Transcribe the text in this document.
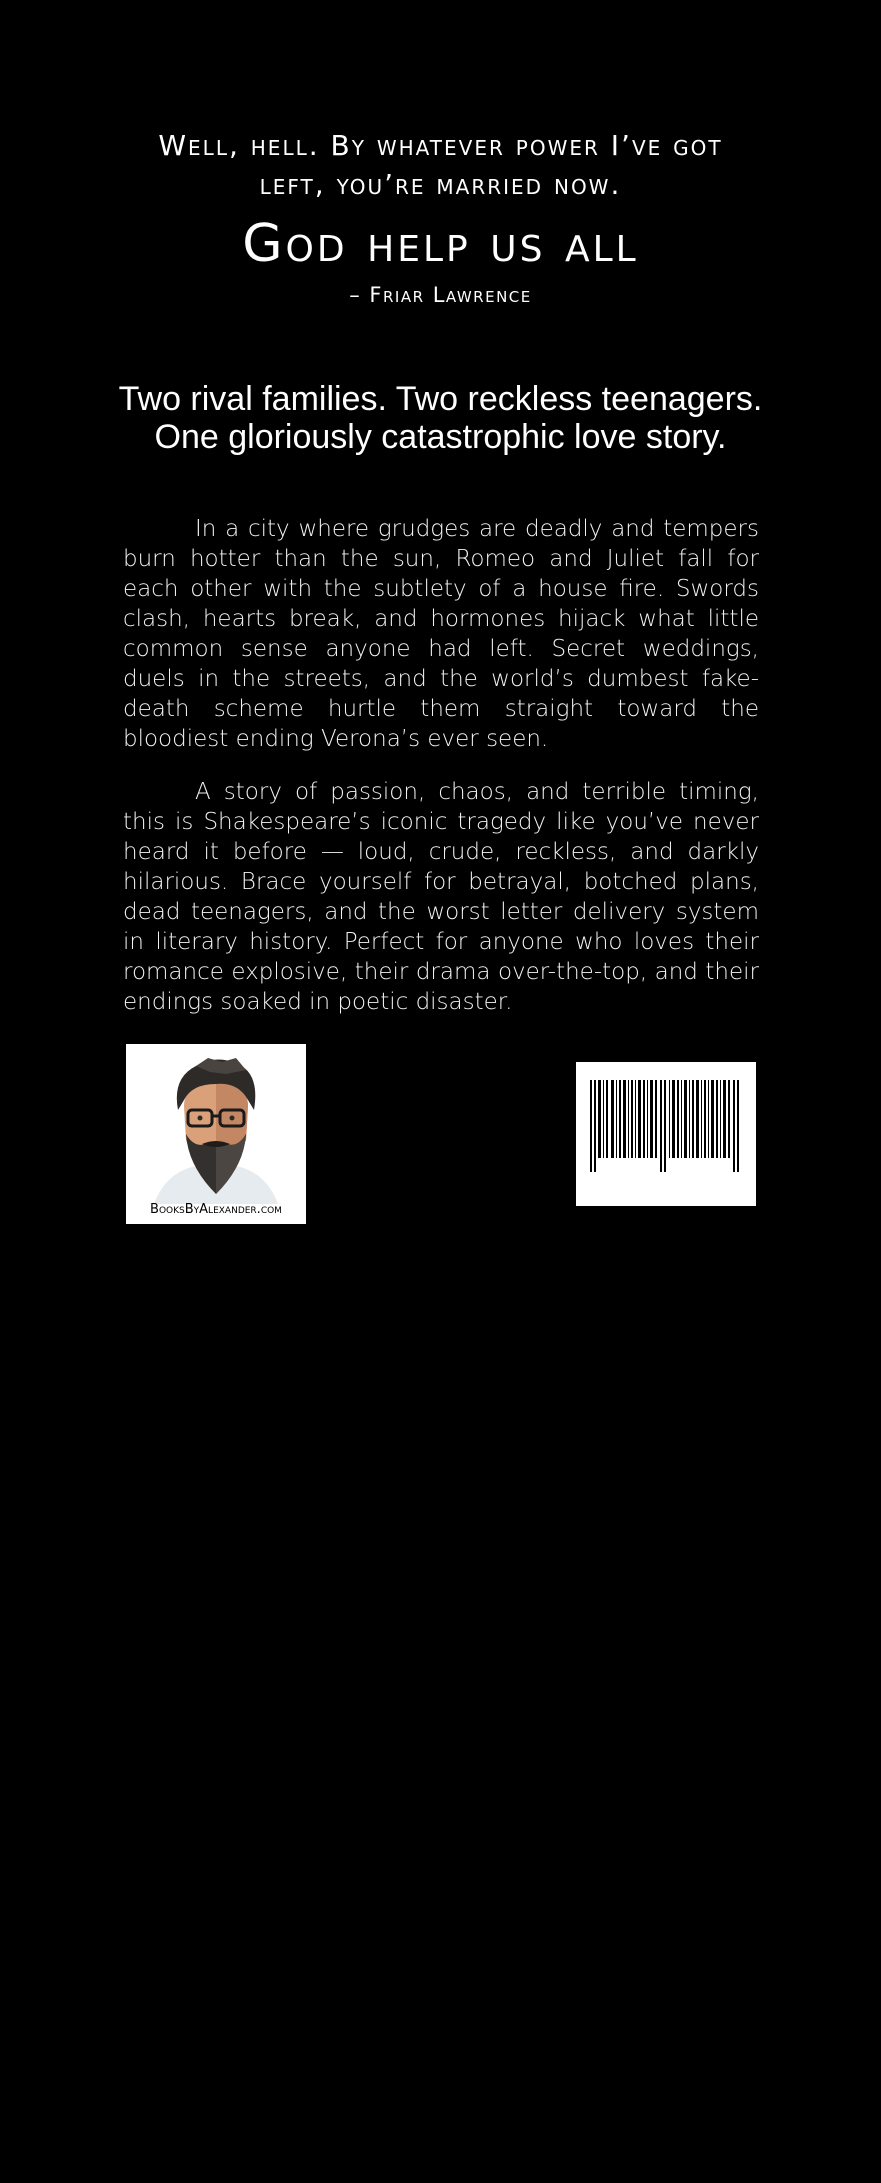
Well, hell. By whatever power I’ve got
left, you’re married now.
God help us all
– Friar Lawrence
Two rival families. Two reckless teenagers.
One gloriously catastrophic love story.

In a city where grudges are deadly and tempers burn hotter than the sun, Romeo and Juliet fall for each other with the subtlety of a house fire. Swords clash, hearts break, and hormones hijack what little common sense anyone had left. Secret weddings, duels in the streets, and the world’s dumbest fake-death scheme hurtle them straight toward the bloodiest ending Verona’s ever seen.

A story of passion, chaos, and terrible timing, this is Shakespeare’s iconic tragedy like you’ve never heard it before — loud, crude, reckless, and darkly hilarious. Brace yourself for betrayal, botched plans, dead teenagers, and the worst letter delivery system in literary history. Perfect for anyone who loves their romance explosive, their drama over-the-top, and their endings soaked in poetic disaster.

BooksByAlexander.com
9 781326	502041
